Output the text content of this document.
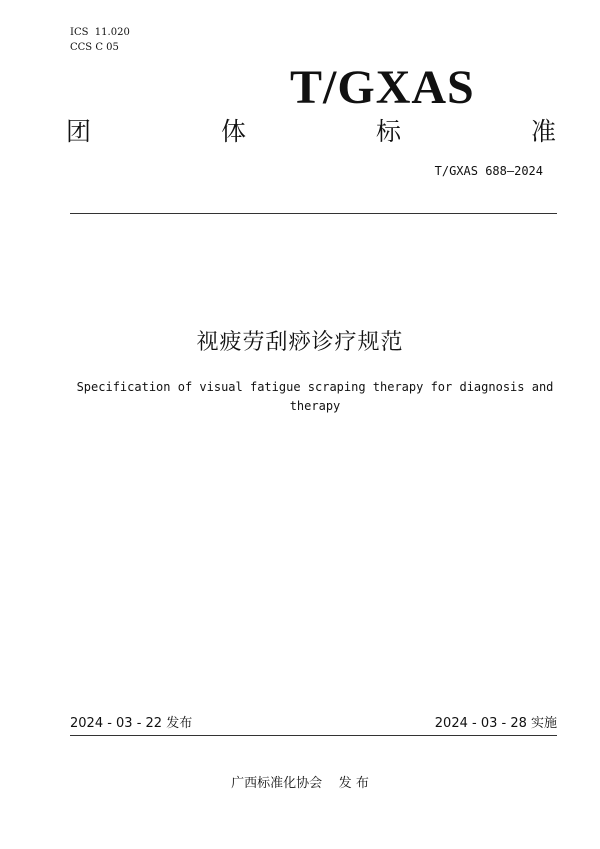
ICS  11.020
CCS C 05
T/GXAS
团	体	标	准
T/GXAS 688—2024
视疲劳刮痧诊疗规范
Specification of visual fatigue scraping therapy for diagnosis and therapy
2024 - 03 - 22 发布	2024 - 03 - 28 实施
广西标准化协会    发 布
